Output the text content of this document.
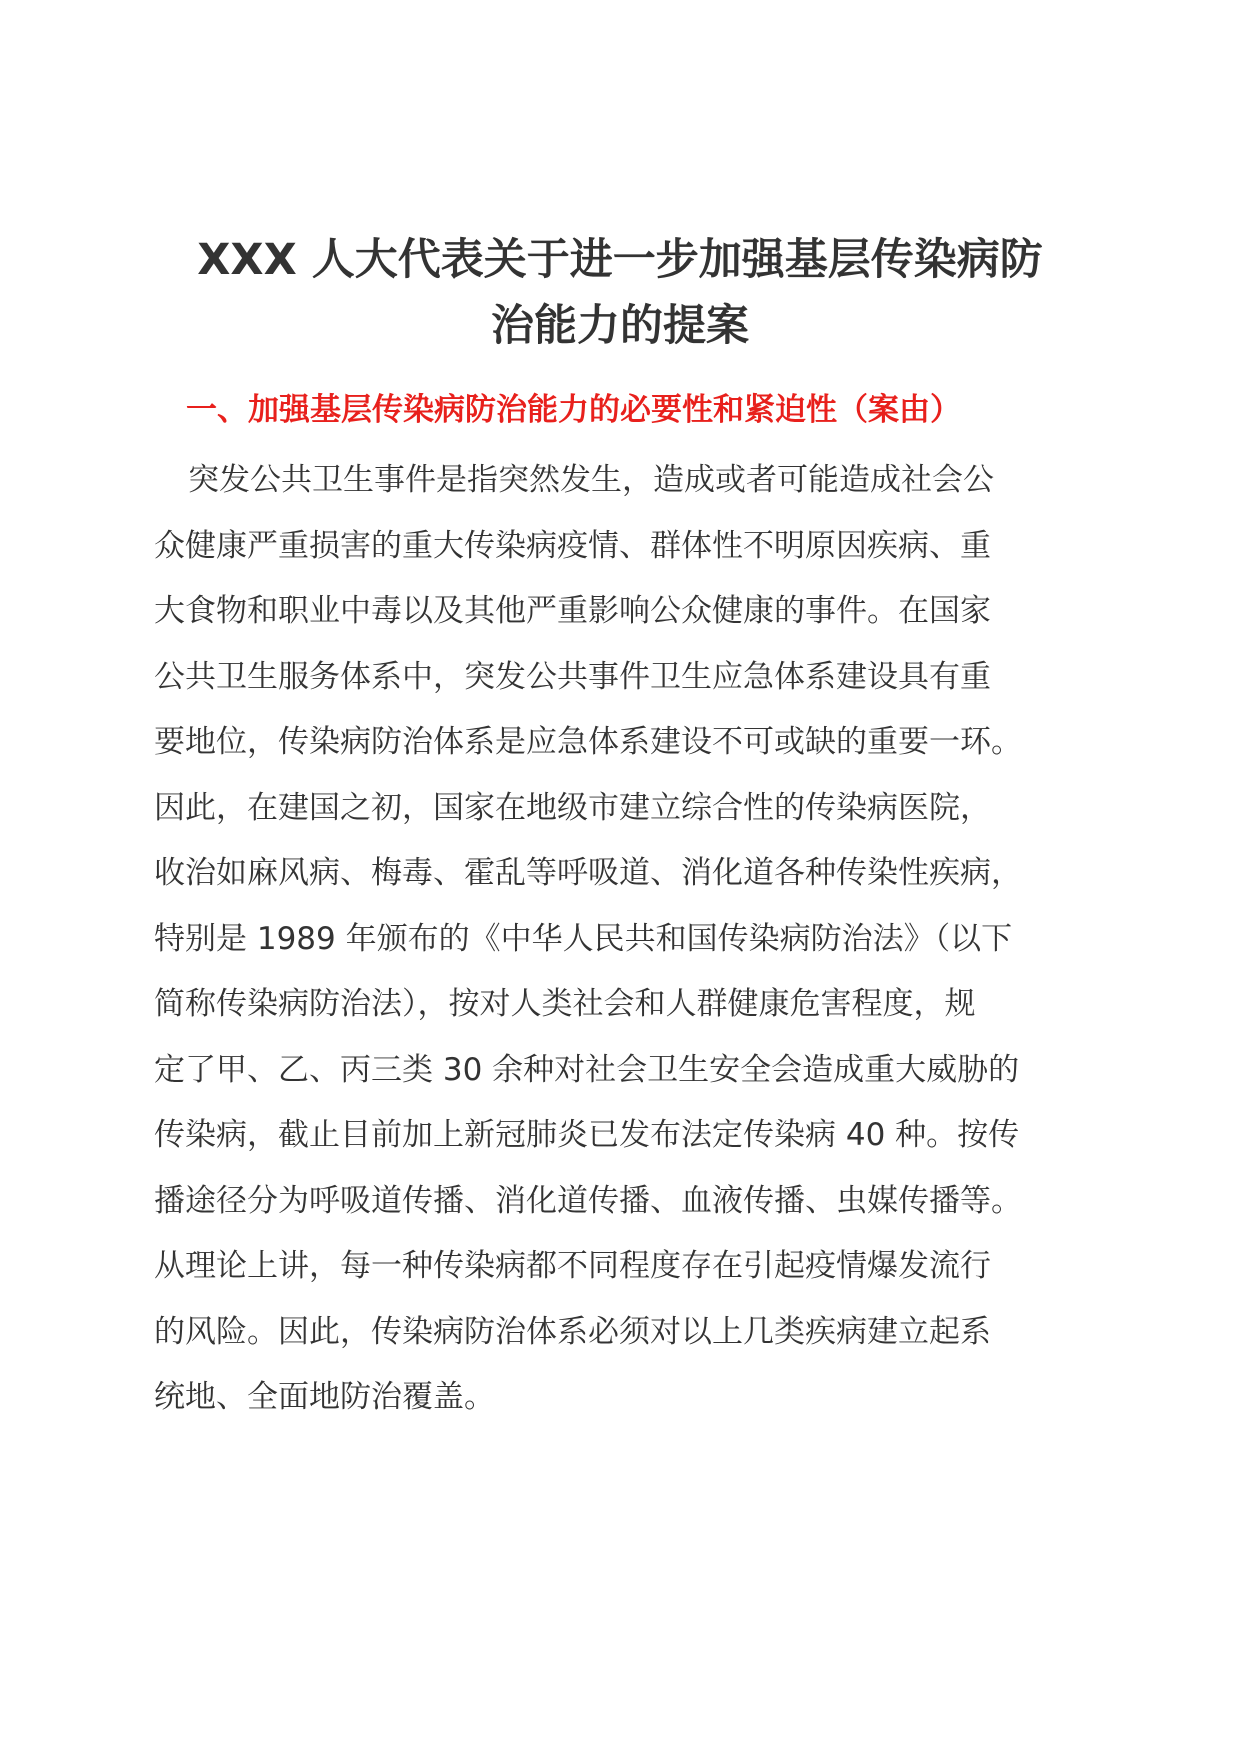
XXX 人大代表关于进一步加强基层传染病防
治能力的提案
一、加强基层传染病防治能力的必要性和紧迫性（案由）
突发公共卫生事件是指突然发生，造成或者可能造成社会公
众健康严重损害的重大传染病疫情、群体性不明原因疾病、重
大食物和职业中毒以及其他严重影响公众健康的事件。在国家
公共卫生服务体系中，突发公共事件卫生应急体系建设具有重
要地位，传染病防治体系是应急体系建设不可或缺的重要一环。
因此，在建国之初，国家在地级市建立综合性的传染病医院，
收治如麻风病、梅毒、霍乱等呼吸道、消化道各种传染性疾病，
特别是 1989 年颁布的《中华人民共和国传染病防治法》（以下
简称传染病防治法），按对人类社会和人群健康危害程度，规
定了甲、乙、丙三类 30 余种对社会卫生安全会造成重大威胁的
传染病，截止目前加上新冠肺炎已发布法定传染病 40 种。按传
播途径分为呼吸道传播、消化道传播、血液传播、虫媒传播等。
从理论上讲，每一种传染病都不同程度存在引起疫情爆发流行
的风险。因此，传染病防治体系必须对以上几类疾病建立起系
统地、全面地防治覆盖。
